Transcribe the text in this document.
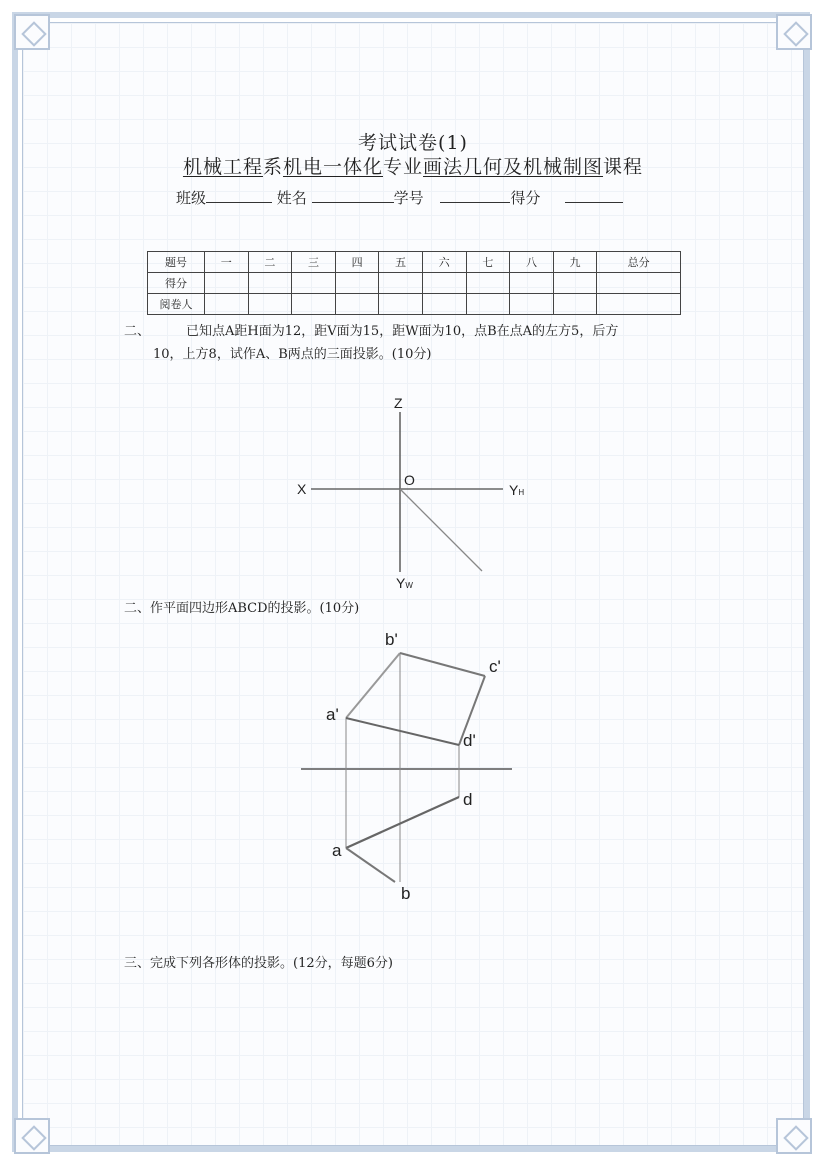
考试试卷(1)
机械工程系机电一体化专业画法几何及机械制图课程
班级	姓名	学号	得分
题号	一	二	三	四	五	六	七	八	九	总分
得分										
阅卷人										
二、	已知点A距H面为12，距V面为15，距W面为10，点B在点A的左方5，后方
10，上方8，试作A、B两点的三面投影。(10分)
二、作平面四边形ABCD的投影。(10分)
三、完成下列各形体的投影。(12分，每题6分)
Z
X
O
YH
YW
b'
c'
a'
d'
d
a
b
